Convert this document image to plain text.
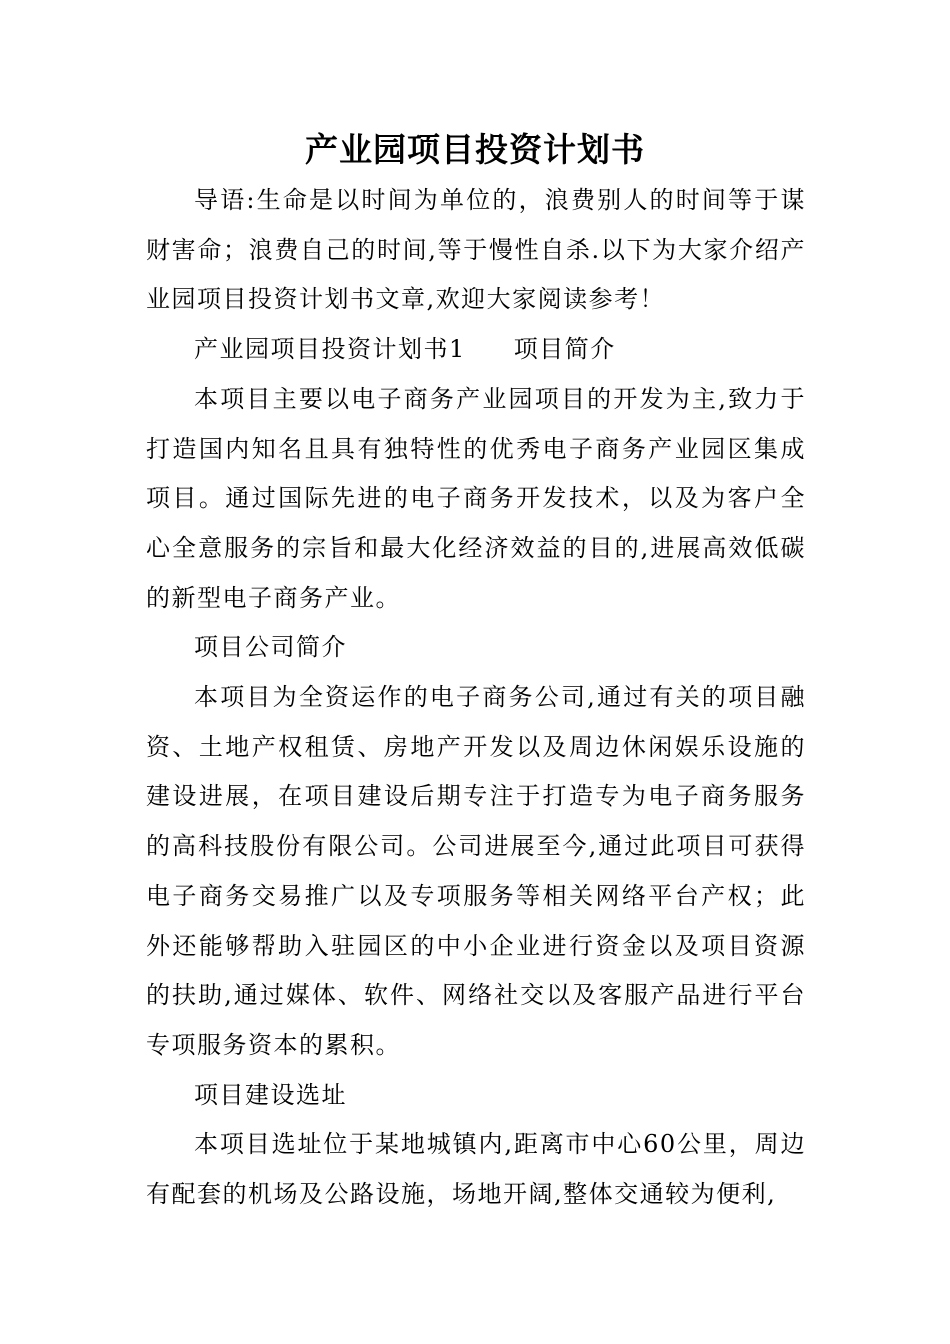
产业园项目投资计划书

导语:生命是以时间为单位的，浪费别人的时间等于谋财害命；浪费自己的时间,等于慢性自杀.以下为大家介绍产业园项目投资计划书文章,欢迎大家阅读参考！

产业园项目投资计划书1 项目简介

本项目主要以电子商务产业园项目的开发为主,致力于打造国内知名且具有独特性的优秀电子商务产业园区集成项目。通过国际先进的电子商务开发技术，以及为客户全心全意服务的宗旨和最大化经济效益的目的,进展高效低碳的新型电子商务产业。

项目公司简介

本项目为全资运作的电子商务公司,通过有关的项目融资、土地产权租赁、房地产开发以及周边休闲娱乐设施的建设进展，在项目建设后期专注于打造专为电子商务服务的高科技股份有限公司。公司进展至今,通过此项目可获得电子商务交易推广以及专项服务等相关网络平台产权；此外还能够帮助入驻园区的中小企业进行资金以及项目资源的扶助,通过媒体、软件、网络社交以及客服产品进行平台专项服务资本的累积。

项目建设选址

本项目选址位于某地城镇内,距离市中心60公里，周边有配套的机场及公路设施，场地开阔,整体交通较为便利,
